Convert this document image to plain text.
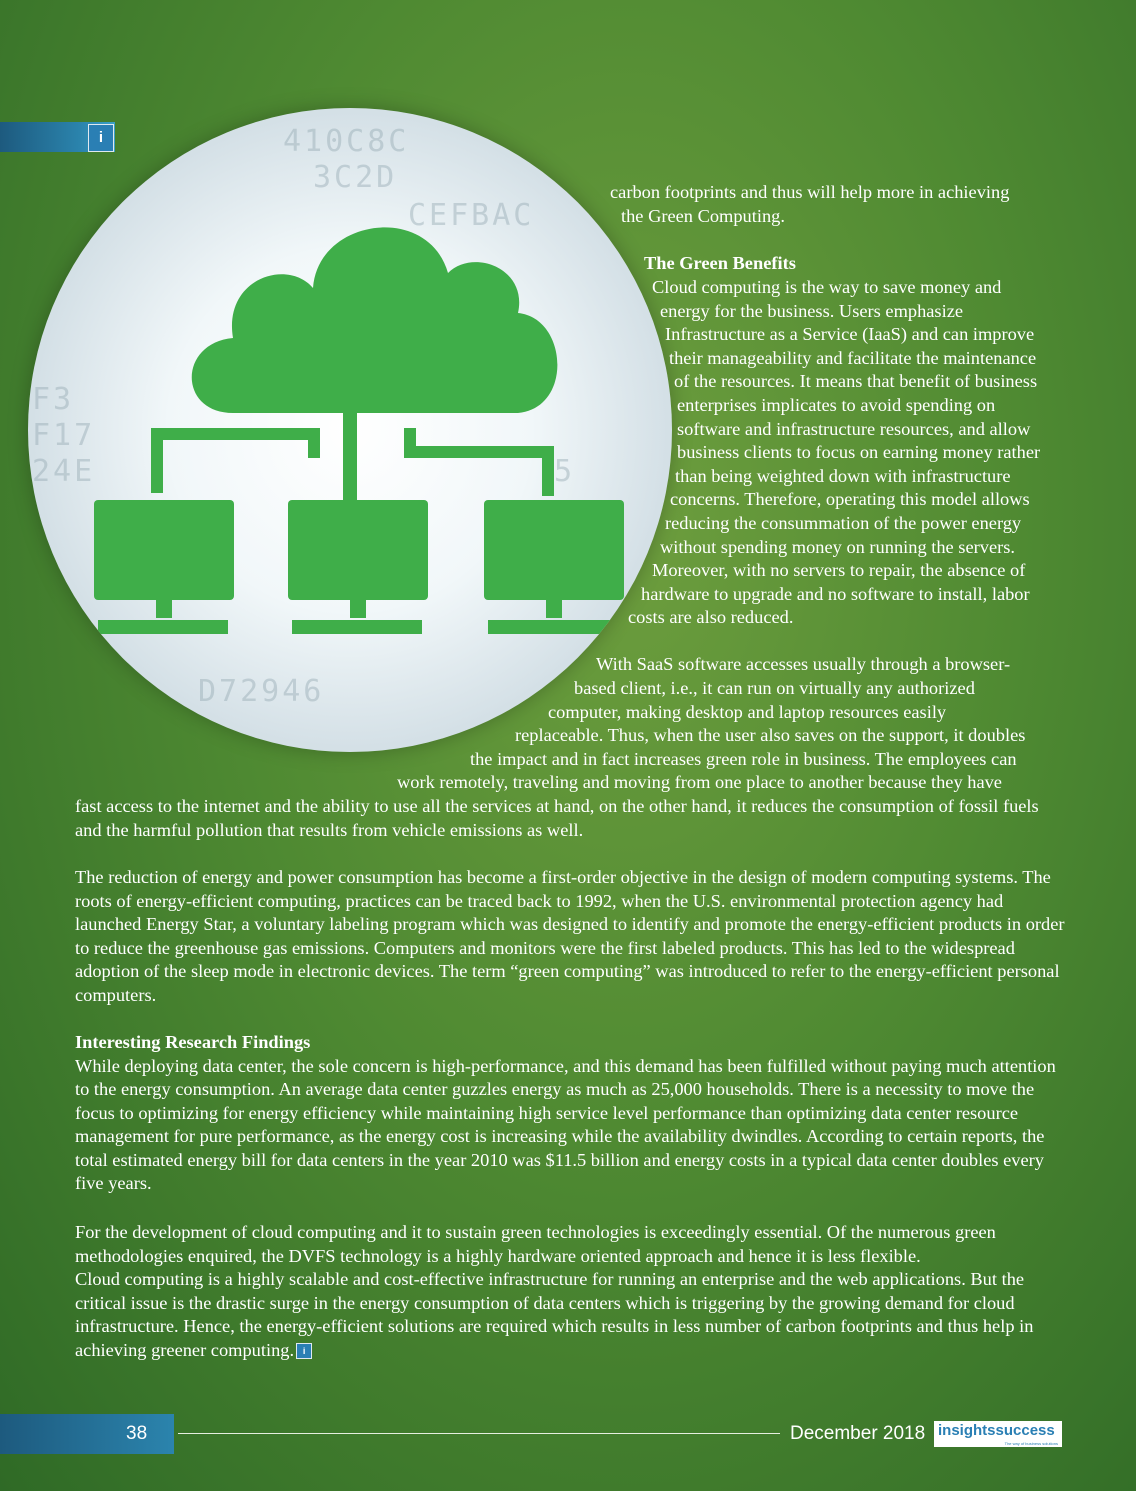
i	410C8C
3C2D
CEFBAC
F3
F17
24E	5
D72946
carbon footprints and thus will help more in achieving
the Green Computing.
The Green Benefits
Cloud computing is the way to save money and
energy for the business. Users emphasize
Infrastructure as a Service (IaaS) and can improve
their manageability and facilitate the maintenance
of the resources. It means that benefit of business
enterprises implicates to avoid spending on
software and infrastructure resources, and allow
business clients to focus on earning money rather
than being weighted down with infrastructure
concerns. Therefore, operating this model allows
reducing the consummation of the power energy
without spending money on running the servers.
Moreover, with no servers to repair, the absence of
hardware to upgrade and no software to install, labor
costs are also reduced.
With SaaS software accesses usually through a browser-
based client, i.e., it can run on virtually any authorized
computer, making desktop and laptop resources easily
replaceable. Thus, when the user also saves on the support, it doubles
the impact and in fact increases green role in business. The employees can
work remotely, traveling and moving from one place to another because they have

fast access to the internet and the ability to use all the services at hand, on the other hand, it reduces the consumption of fossil fuels and the harmful pollution that results from vehicle emissions as well.

The reduction of energy and power consumption has become a first-order objective in the design of modern computing systems. The roots of energy-efficient computing, practices can be traced back to 1992, when the U.S. environmental protection agency had launched Energy Star, a voluntary labeling program which was designed to identify and promote the energy-efficient products in order to reduce the greenhouse gas emissions. Computers and monitors were the first labeled products. This has led to the widespread adoption of the sleep mode in electronic devices. The term “green computing” was introduced to refer to the energy-efficient personal computers.

Interesting Research Findings

While deploying data center, the sole concern is high-performance, and this demand has been fulfilled without paying much attention to the energy consumption. An average data center guzzles energy as much as 25,000 households. There is a necessity to move the focus to optimizing for energy efficiency while maintaining high service level performance than optimizing data center resource management for pure performance, as the energy cost is increasing while the availability dwindles. According to certain reports, the total estimated energy bill for data centers in the year 2010 was $11.5 billion and energy costs in a typical data center doubles every five years.

For the development of cloud computing and it to sustain green technologies is exceedingly essential. Of the numerous green methodologies enquired, the DVFS technology is a highly hardware oriented approach and hence it is less flexible.

Cloud computing is a highly scalable and cost-effective infrastructure for running an enterprise and the web applications. But the critical issue is the drastic surge in the energy consumption of data centers which is triggering by the growing demand for cloud infrastructure. Hence, the energy-efficient solutions are required which results in less number of carbon footprints and thus help in achieving greener computing. i

38	December 2018 insightssuccess
The way of business solutions
